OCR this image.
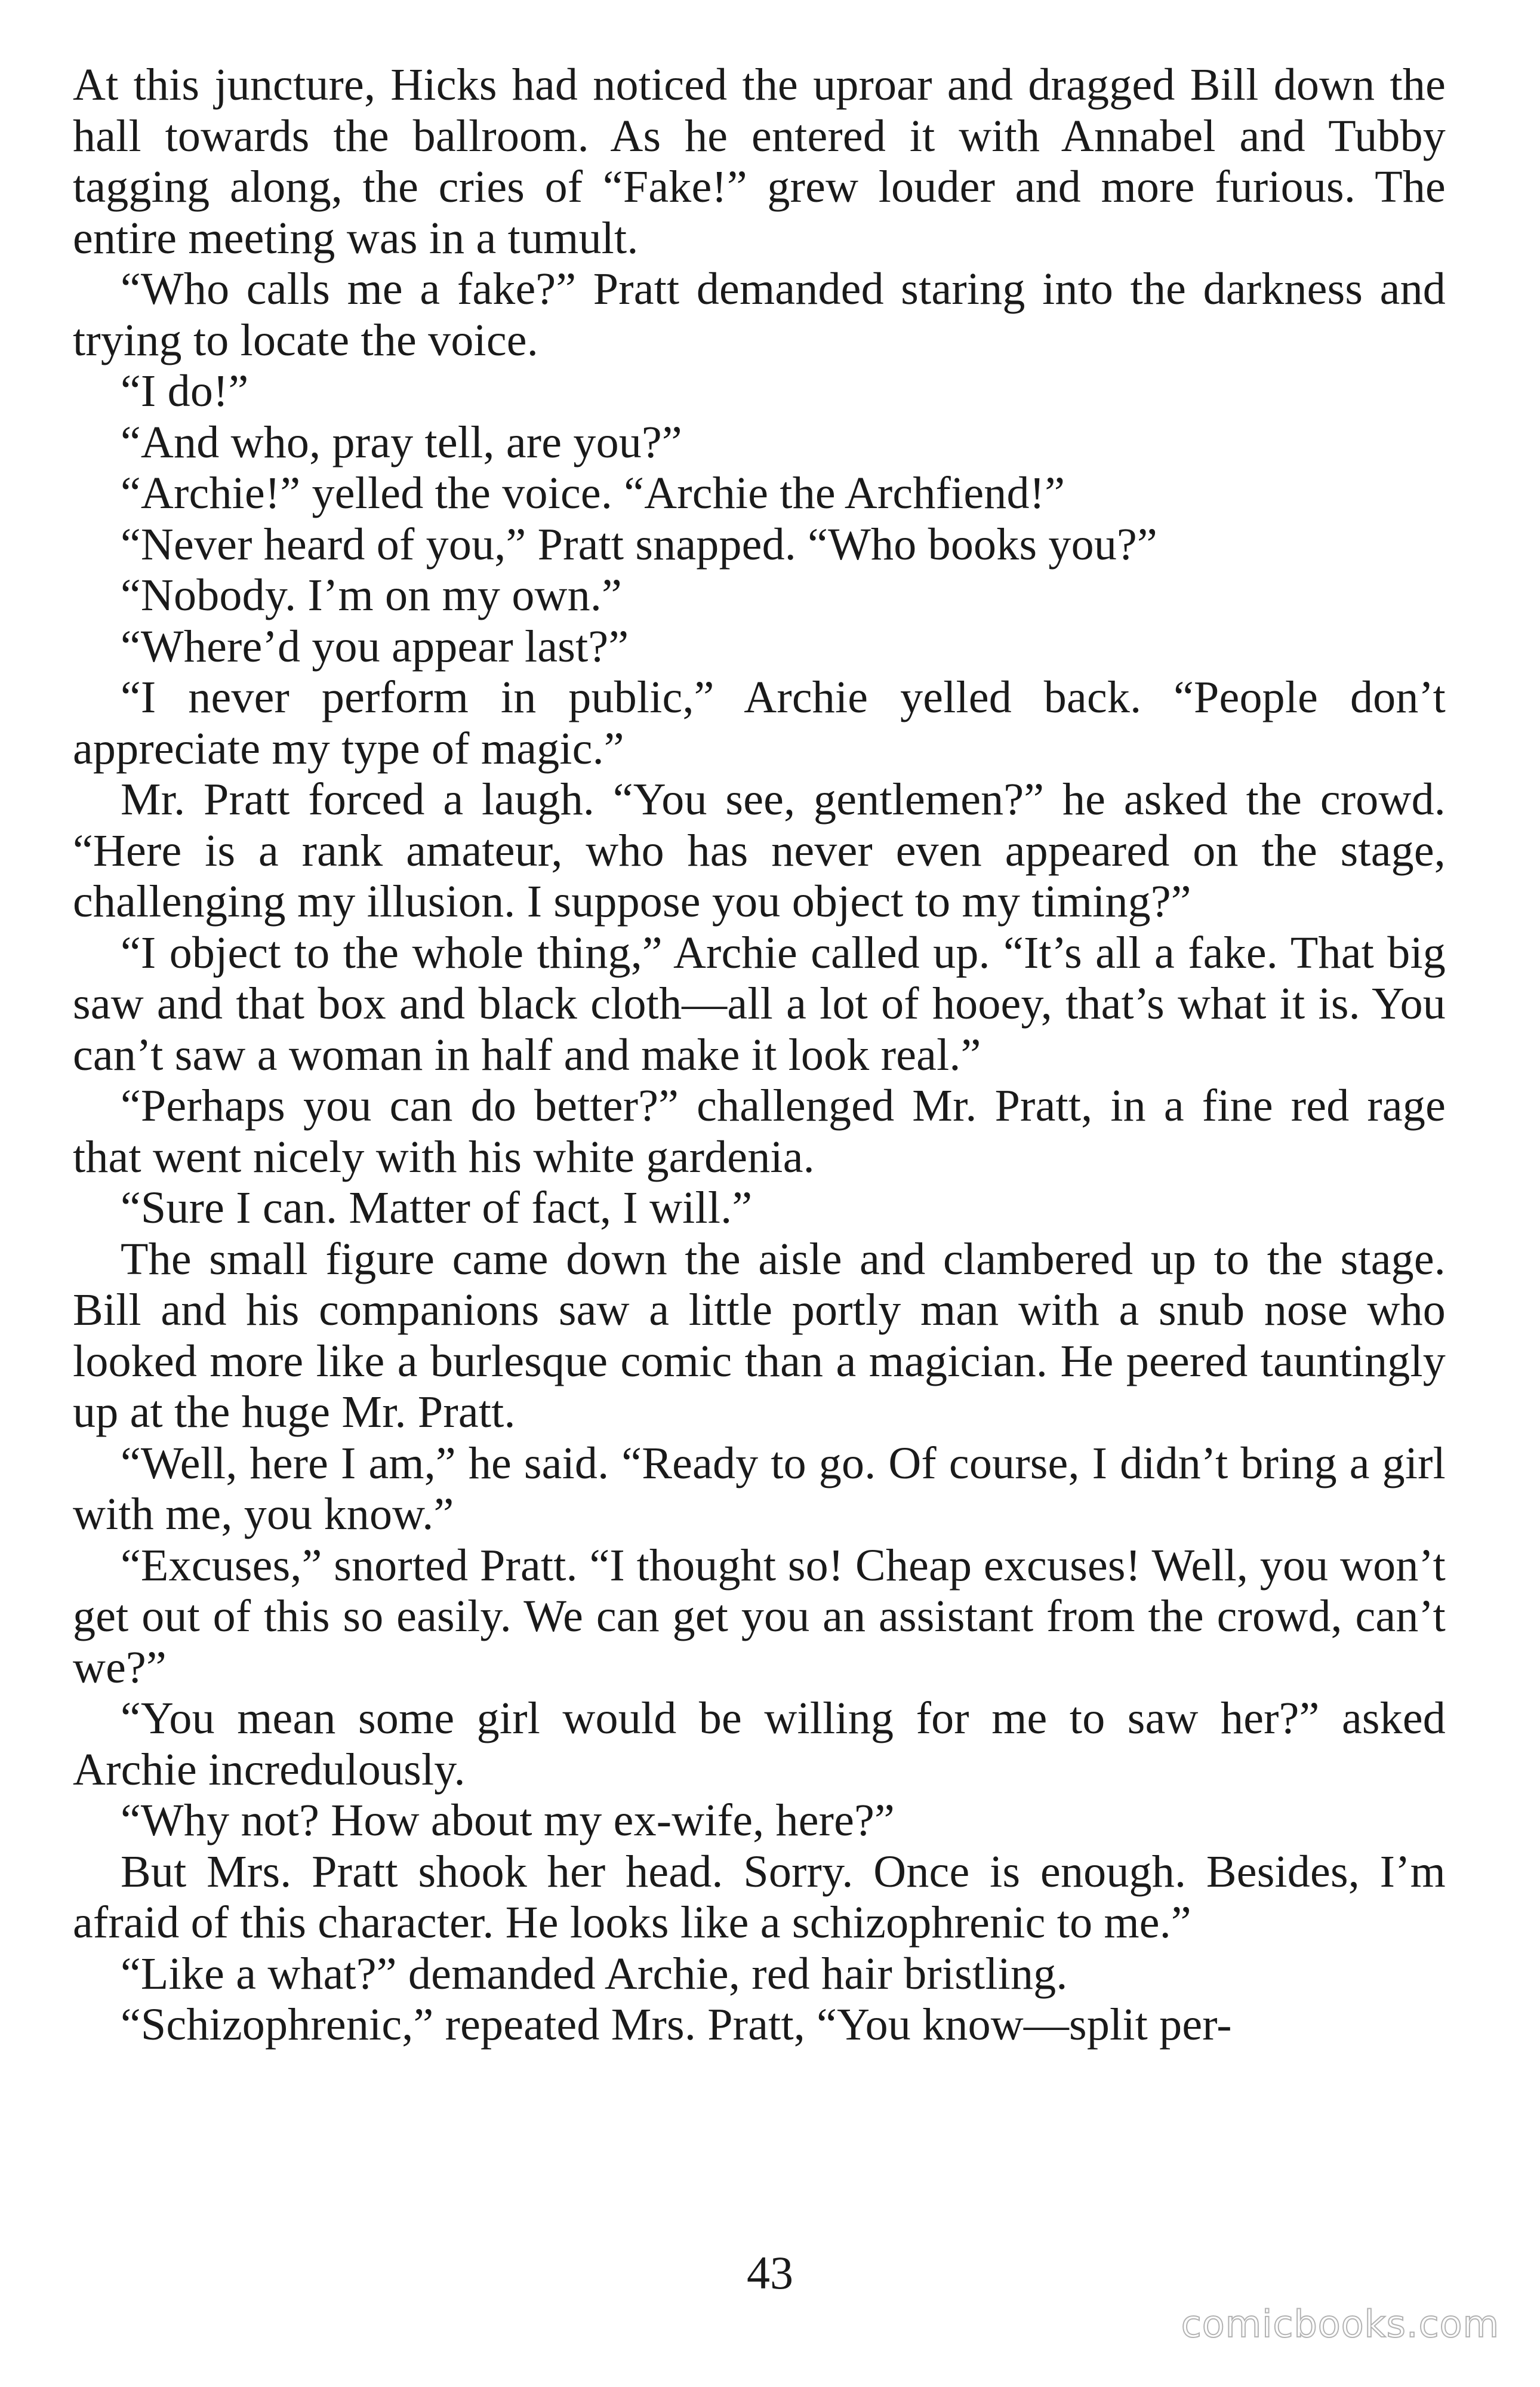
At this juncture, Hicks had noticed the uproar and dragged Bill down the hall towards the ballroom. As he entered it with Annabel and Tubby tagging along, the cries of “Fake!” grew louder and more furious. The entire meeting was in a tumult.

“Who calls me a fake?” Pratt demanded staring into the darkness and trying to locate the voice.

“I do!”

“And who, pray tell, are you?”

“Archie!” yelled the voice. “Archie the Archfiend!”

“Never heard of you,” Pratt snapped. “Who books you?”

“Nobody. I’m on my own.”

“Where’d you appear last?”

“I never perform in public,” Archie yelled back. “People don’t appreciate my type of magic.”

Mr. Pratt forced a laugh. “You see, gentlemen?” he asked the crowd. “Here is a rank amateur, who has never even appeared on the stage, challenging my illusion. I suppose you object to my timing?”

“I object to the whole thing,” Archie called up. “It’s all a fake. That big saw and that box and black cloth—all a lot of hooey, that’s what it is. You can’t saw a woman in half and make it look real.”

“Perhaps you can do better?” challenged Mr. Pratt, in a fine red rage that went nicely with his white gardenia.

“Sure I can. Matter of fact, I will.”

The small figure came down the aisle and clambered up to the stage. Bill and his companions saw a little portly man with a snub nose who looked more like a burlesque comic than a magician. He peered tauntingly up at the huge Mr. Pratt.

“Well, here I am,” he said. “Ready to go. Of course, I didn’t bring a girl with me, you know.”

“Excuses,” snorted Pratt. “I thought so! Cheap excuses! Well, you won’t get out of this so easily. We can get you an assistant from the crowd, can’t we?”

“You mean some girl would be willing for me to saw her?” asked Archie incredulously.

“Why not? How about my ex-wife, here?”

But Mrs. Pratt shook her head. Sorry. Once is enough. Besides, I’m afraid of this character. He looks like a schizophrenic to me.”

“Like a what?” demanded Archie, red hair bristling.

“Schizophrenic,” repeated Mrs. Pratt, “You know—split per-

43
comicbooks.com
